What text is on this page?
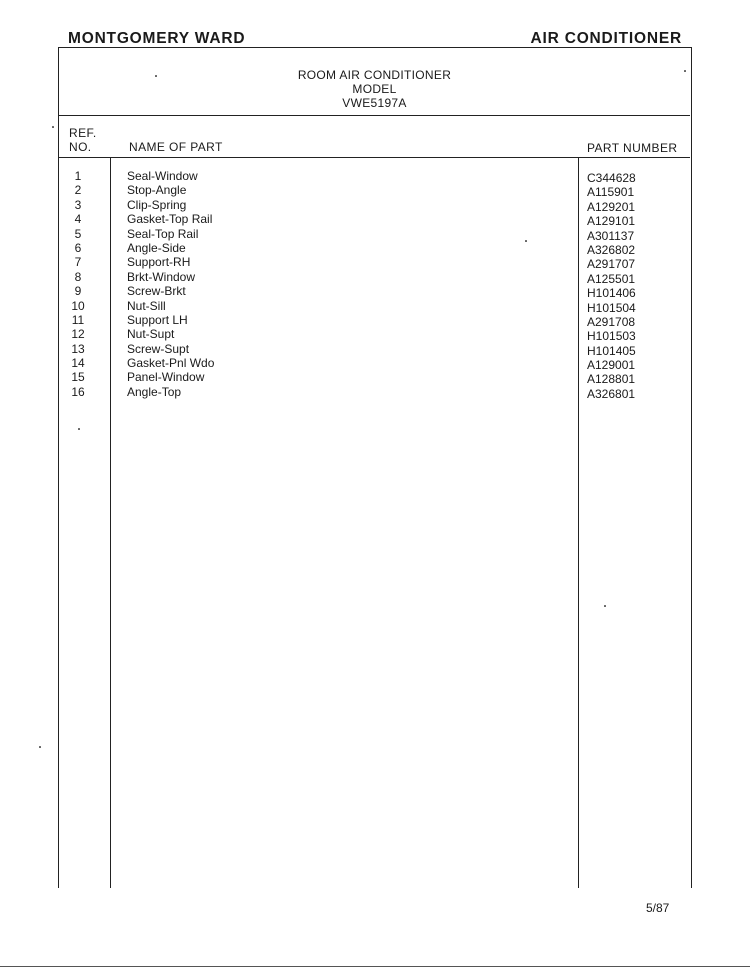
MONTGOMERY WARD	AIR CONDITIONER
ROOM AIR CONDITIONER
MODEL
VWE5197A
REF.
NO.	NAME OF PART	PART NUMBER
1	Seal-Window	C344628
2	Stop-Angle	A115901
3	Clip-Spring	A129201
4	Gasket-Top Rail	A129101
5	Seal-Top Rail	A301137
6	Angle-Side	A326802
7	Support-RH	A291707
8	Brkt-Window	A125501
9	Screw-Brkt	H101406
10	Nut-Sill	H101504
11	Support LH	A291708
12	Nut-Supt	H101503
13	Screw-Supt	H101405
14	Gasket-Pnl Wdo	A129001
15	Panel-Window	A128801
16	Angle-Top	A326801
5/87
